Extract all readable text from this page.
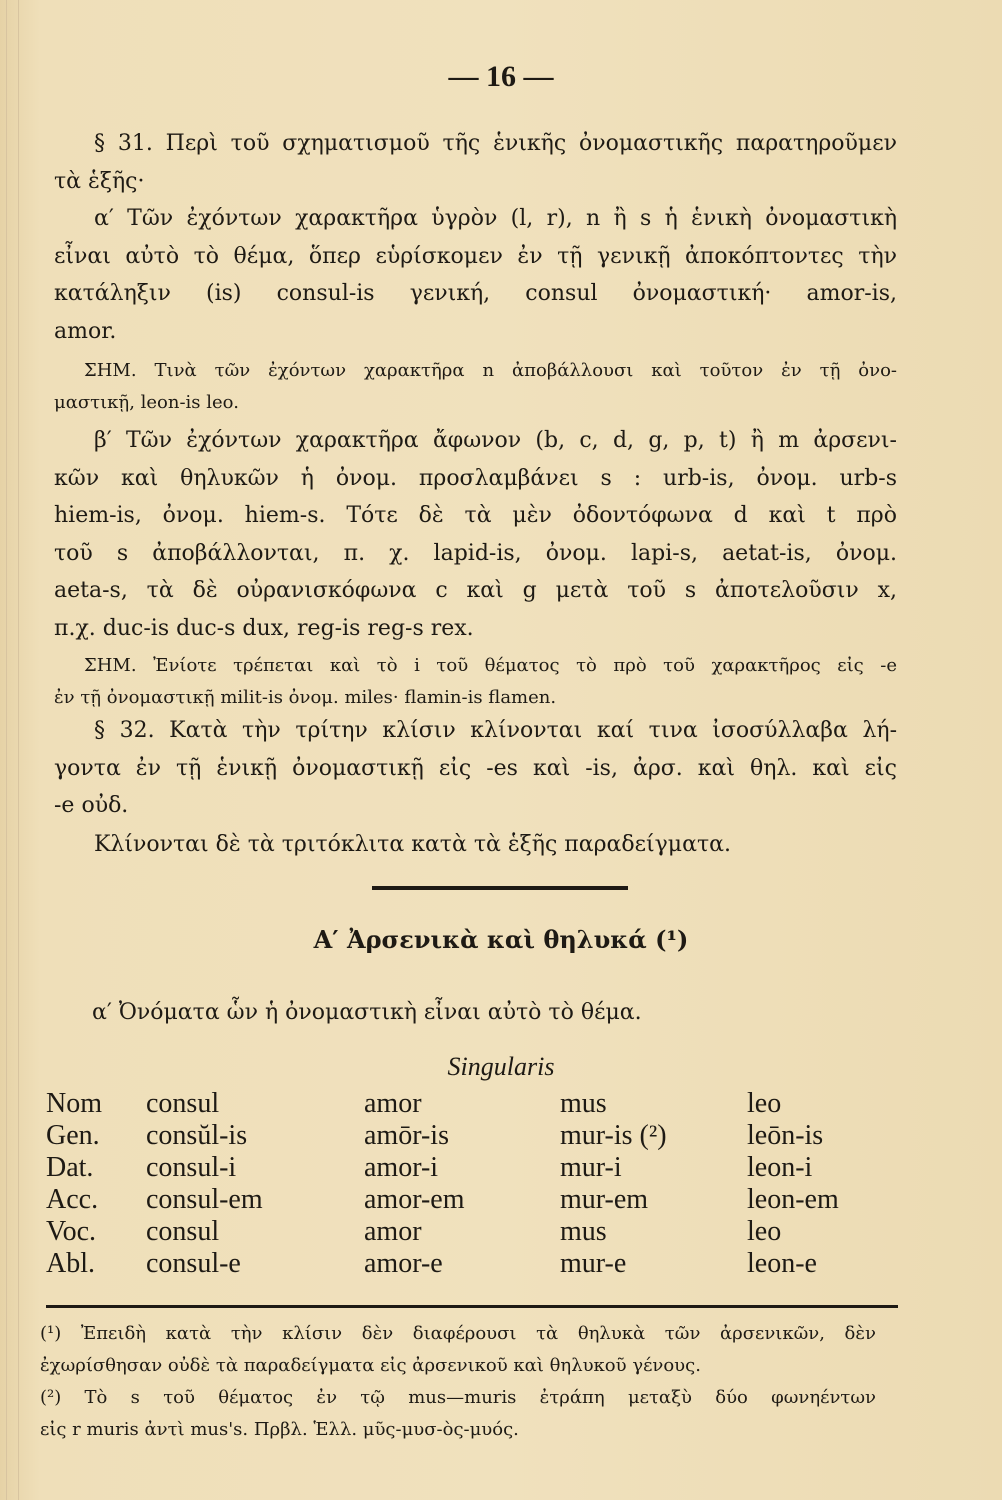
— 16 —
§ 31. Περὶ τοῦ σχηματισμοῦ τῆς ἑνικῆς ὀνομαστικῆς παρατηροῦμεν
τὰ ἑξῆς·
α′ Τῶν ἐχόντων χαρακτῆρα ὑγρὸν (l, r), n ἢ s ἡ ἑνικὴ ὀνομαστικὴ
εἶναι αὐτὸ τὸ θέμα, ὅπερ εὑρίσκομεν ἐν τῇ γενικῇ ἀποκόπτοντες τὴν
κατάληξιν (is) consul-is γενική, consul ὀνομαστική· amor-is,
amor.
ΣΗΜ. Τινὰ τῶν ἐχόντων χαρακτῆρα n ἀποβάλλουσι καὶ τοῦτον ἐν τῇ ὀνο-
μαστικῇ, leon-is leo.
β′ Τῶν ἐχόντων χαρακτῆρα ἄφωνον (b, c, d, g, p, t) ἢ m ἀρσενι-
κῶν καὶ θηλυκῶν ἡ ὀνομ. προσλαμβάνει s : urb-is, ὀνομ. urb-s
hiem-is, ὀνομ. hiem-s. Τότε δὲ τὰ μὲν ὀδοντόφωνα d καὶ t πρὸ
τοῦ s ἀποβάλλονται, π. χ. lapid-is, ὀνομ. lapi-s, aetat-is, ὀνομ.
aeta-s, τὰ δὲ οὐρανισκόφωνα c καὶ g μετὰ τοῦ s ἀποτελοῦσιν x,
π.χ. duc-is duc-s dux, reg-is reg-s rex.
ΣΗΜ. Ἐνίοτε τρέπεται καὶ τὸ i τοῦ θέματος τὸ πρὸ τοῦ χαρακτῆρος εἰς -e
ἐν τῇ ὀνομαστικῇ milit-is ὀνομ. miles· flamin-is flamen.
§ 32. Κατὰ τὴν τρίτην κλίσιν κλίνονται καί τινα ἰσοσύλλαβα λή-
γοντα ἐν τῇ ἑνικῇ ὀνομαστικῇ εἰς -es καὶ -is, ἀρσ. καὶ θηλ. καὶ εἰς
-e οὐδ.
Κλίνονται δὲ τὰ τριτόκλιτα κατὰ τὰ ἑξῆς παραδείγματα.
Α′ Ἀρσενικὰ καὶ θηλυκά (¹)
α′ Ὀνόματα ὧν ἡ ὀνομαστικὴ εἶναι αὐτὸ τὸ θέμα.
Singularis
Nom	consul	amor	mus	leo
Gen.	consŭl-is	amōr-is	mur-is (²)	leōn-is
Dat.	consul-i	amor-i	mur-i	leon-i
Acc.	consul-em	amor-em	mur-em	leon-em
Voc.	consul	amor	mus	leo
Abl.	consul-e	amor-e	mur-e	leon-e
(¹) Ἐπειδὴ κατὰ τὴν κλίσιν δὲν διαφέρουσι τὰ θηλυκὰ τῶν ἀρσενικῶν, δὲν
ἐχωρίσθησαν οὐδὲ τὰ παραδείγματα εἰς ἀρσενικοῦ καὶ θηλυκοῦ γένους.
(²) Τὸ s τοῦ θέματος ἐν τῷ mus—muris ἐτράπη μεταξὺ δύο φωνηέντων
εἰς r muris ἀντὶ mus's. Πρβλ. Ἑλλ. μῦς-μυσ-ὸς-μυός.
